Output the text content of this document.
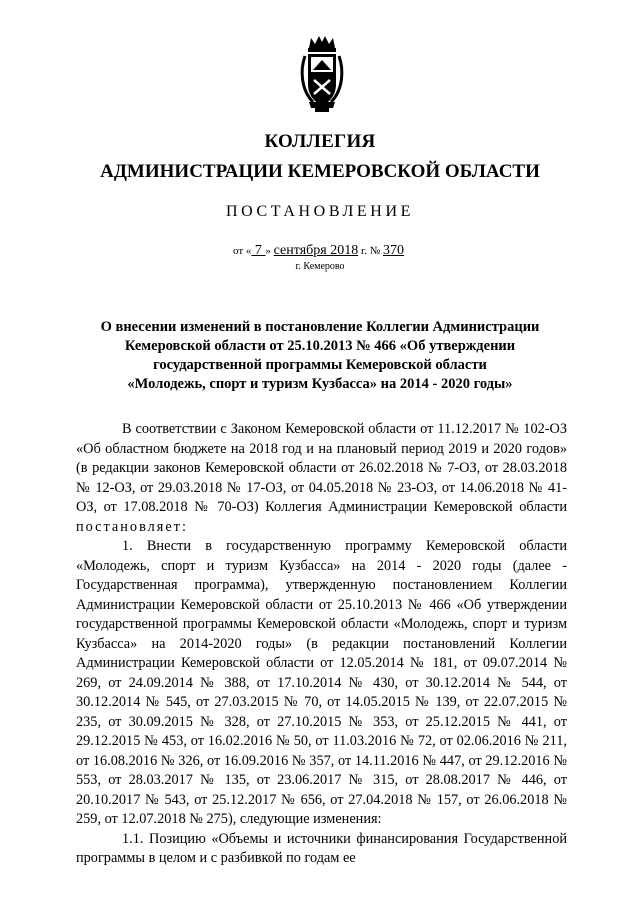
КОЛЛЕГИЯ
АДМИНИСТРАЦИИ КЕМЕРОВСКОЙ ОБЛАСТИ
ПОСТАНОВЛЕНИЕ
от « 7 » сентября 2018 г. № 370
г. Кемерово
О внесении изменений в постановление Коллегии Администрации
Кемеровской области от 25.10.2013 № 466 «Об утверждении
государственной программы Кемеровской области
«Молодежь, спорт и туризм Кузбасса» на 2014 - 2020 годы»

В соответствии с Законом Кемеровской области от 11.12.2017 № 102-ОЗ «Об областном бюджете на 2018 год и на плановый период 2019 и 2020 годов» (в редакции законов Кемеровской области от 26.02.2018 № 7-ОЗ, от 28.03.2018 № 12-ОЗ, от 29.03.2018 № 17-ОЗ, от 04.05.2018 № 23-ОЗ, от 14.06.2018 № 41-ОЗ, от 17.08.2018 № 70-ОЗ) Коллегия Администрации Кемеровской области постановляет:

1. Внести в государственную программу Кемеровской области «Молодежь, спорт и туризм Кузбасса» на 2014 - 2020 годы (далее - Государственная программа), утвержденную постановлением Коллегии Администрации Кемеровской области от 25.10.2013 № 466 «Об утверждении государственной программы Кемеровской области «Молодежь, спорт и туризм Кузбасса» на 2014-2020 годы» (в редакции постановлений Коллегии Администрации Кемеровской области от 12.05.2014 № 181, от 09.07.2014 № 269, от 24.09.2014 № 388, от 17.10.2014 № 430, от 30.12.2014 № 544, от 30.12.2014 № 545, от 27.03.2015 № 70, от 14.05.2015 № 139, от 22.07.2015 № 235, от 30.09.2015 № 328, от 27.10.2015 № 353, от 25.12.2015 № 441, от 29.12.2015 № 453, от 16.02.2016 № 50, от 11.03.2016 № 72, от 02.06.2016 № 211, от 16.08.2016 № 326, от 16.09.2016 № 357, от 14.11.2016 № 447, от 29.12.2016 № 553, от 28.03.2017 № 135, от 23.06.2017 № 315, от 28.08.2017 № 446, от 20.10.2017 № 543, от 25.12.2017 № 656, от 27.04.2018 № 157, от 26.06.2018 № 259, от 12.07.2018 № 275), следующие изменения:

1.1. Позицию «Объемы и источники финансирования Государственной программы в целом и с разбивкой по годам ее
